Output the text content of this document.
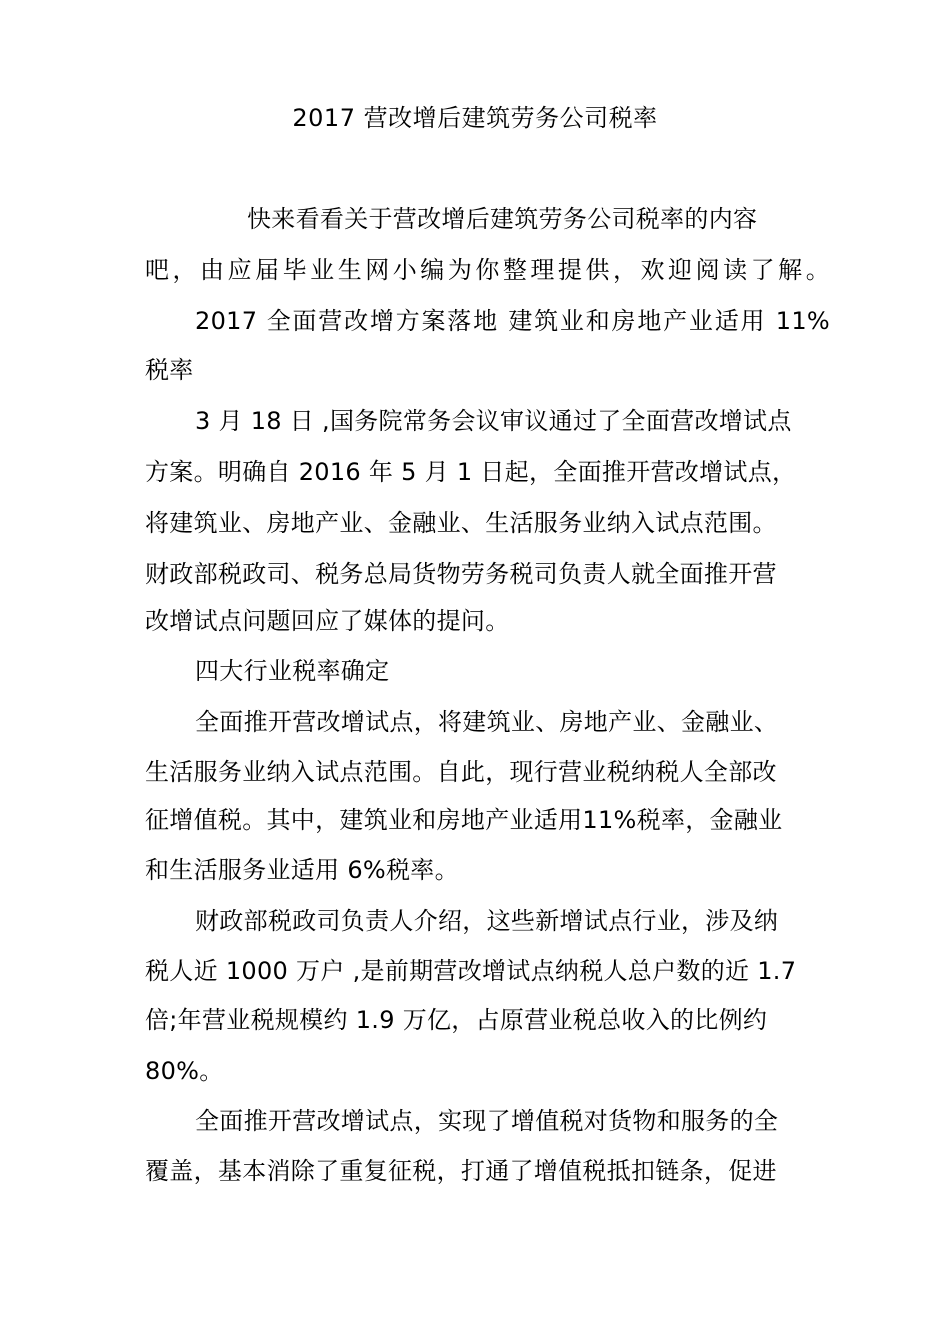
2017 营改增后建筑劳务公司税率
快来看看关于营改增后建筑劳务公司税率的内容
吧，由应届毕业生网小编为你整理提供，欢迎阅读了解。
2017 全面营改增方案落地 建筑业和房地产业适用 11%
税率
3 月 18 日 ,国务院常务会议审议通过了全面营改增试点
方案。明确自 2016 年 5 月 1 日起，全面推开营改增试点，
将建筑业、房地产业、金融业、生活服务业纳入试点范围。
财政部税政司、税务总局货物劳务税司负责人就全面推开营
改增试点问题回应了媒体的提问。
四大行业税率确定
全面推开营改增试点，将建筑业、房地产业、金融业、
生活服务业纳入试点范围。自此，现行营业税纳税人全部改
征增值税。其中，建筑业和房地产业适用11%税率，金融业
和生活服务业适用 6%税率。
财政部税政司负责人介绍，这些新增试点行业，涉及纳
税人近 1000 万户 ,是前期营改增试点纳税人总户数的近 1.7
倍;年营业税规模约 1.9 万亿，占原营业税总收入的比例约
80%。
全面推开营改增试点，实现了增值税对货物和服务的全
覆盖，基本消除了重复征税，打通了增值税抵扣链条，促进
